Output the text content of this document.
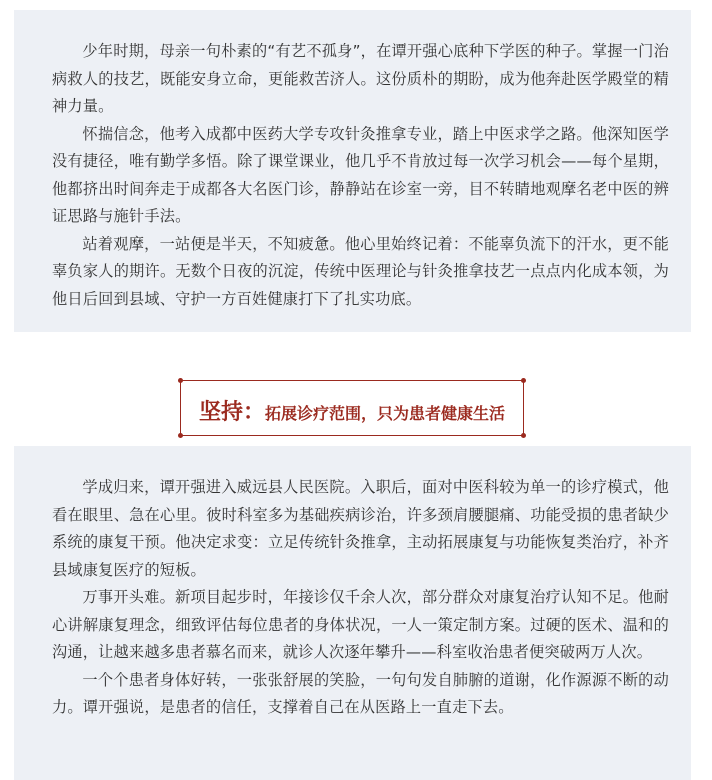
少年时期，母亲一句朴素的“有艺不孤身”，在谭开强心底种下学医的种子。掌握一门治病救人的技艺，既能安身立命，更能救苦济人。这份质朴的期盼，成为他奔赴医学殿堂的精神力量。

怀揣信念，他考入成都中医药大学专攻针灸推拿专业，踏上中医求学之路。他深知医学没有捷径，唯有勤学多悟。除了课堂课业，他几乎不肯放过每一次学习机会——每个星期，他都挤出时间奔走于成都各大名医门诊，静静站在诊室一旁，目不转睛地观摩名老中医的辨证思路与施针手法。

站着观摩，一站便是半天，不知疲惫。他心里始终记着：不能辜负流下的汗水，更不能辜负家人的期许。无数个日夜的沉淀，传统中医理论与针灸推拿技艺一点点内化成本领，为他日后回到县域、守护一方百姓健康打下了扎实功底。

坚持：拓展诊疗范围，只为患者健康生活

学成归来，谭开强进入威远县人民医院。入职后，面对中医科较为单一的诊疗模式，他看在眼里、急在心里。彼时科室多为基础疾病诊治，许多颈肩腰腿痛、功能受损的患者缺少系统的康复干预。他决定求变：立足传统针灸推拿，主动拓展康复与功能恢复类治疗，补齐县域康复医疗的短板。

万事开头难。新项目起步时，年接诊仅千余人次，部分群众对康复治疗认知不足。他耐心讲解康复理念，细致评估每位患者的身体状况，一人一策定制方案。过硬的医术、温和的沟通，让越来越多患者慕名而来，就诊人次逐年攀升——科室收治患者便突破两万人次。

一个个患者身体好转，一张张舒展的笑脸，一句句发自肺腑的道谢，化作源源不断的动力。谭开强说，是患者的信任，支撑着自己在从医路上一直走下去。
